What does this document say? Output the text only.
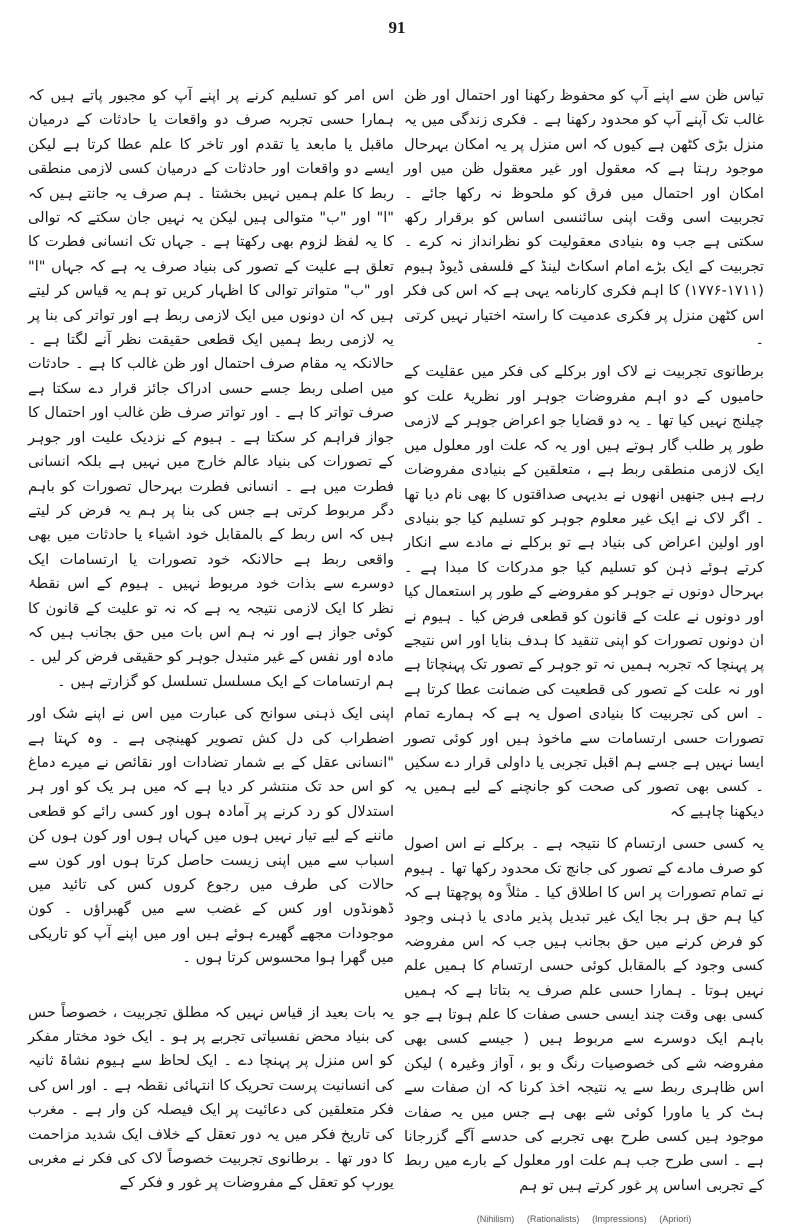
91

تیاس ظن سے اپنے آپ کو محفوظ رکھنا اور احتمال اور ظن غالب تک آپنے آپ کو محدود رکھنا ہے ۔ فکری زندگی میں یہ منزل بڑی کٹھن ہے کیوں کہ اس منزل پر یہ امکان بہرحال موجود رہتا ہے کہ معقول اور غیر معقول ظن میں اور امکان اور احتمال میں فرق کو ملحوظ نہ رکھا جائے ۔ تجربیت اسی وقت اپنی سائنسی اساس کو برقرار رکھ سکتی ہے جب وہ بنیادی معقولیت کو نظرانداز نہ کرے ۔ تجربیت کے ایک بڑے امام اسکاٹ لینڈ کے فلسفی ڈیوڈ ہیوم (۱۷۱۱-۱۷۷۶) کا اہم فکری کارنامہ یہی ہے کہ اس کی فکر اس کٹھن منزل پر فکری عدمیت کا راستہ اختیار نہیں کرتی ۔

برطانوی تجربیت نے لاک اور برکلے کی فکر میں عقلیت کے حامیوں کے دو اہم مفروضات جوہر اور نظریۂ علت کو چیلنج نہیں کیا تھا ۔ یہ دو قضایا جو اعراض جوہر کے لازمی طور پر طلب گار ہوتے ہیں اور یہ کہ علت اور معلول میں ایک لازمی منطقی ربط ہے ، متعلقین کے بنیادی مفروضات رہے ہیں جنھیں انھوں نے بدیہی صداقتوں کا بھی نام دیا تھا ۔ اگر لاک نے ایک غیر معلوم جوہر کو تسلیم کیا جو بنیادی اور اولین اعراض کی بنیاد ہے تو برکلے نے مادے سے انکار کرتے ہوئے ذہن کو تسلیم کیا جو مدرکات کا مبدا ہے ۔ بہرحال دونوں نے جوہر کو مفروضے کے طور پر استعمال کیا اور دونوں نے علت کے قانون کو قطعی فرض کیا ۔ ہیوم نے ان دونوں تصورات کو اپنی تنقید کا ہدف بنایا اور اس نتیجے پر پہنچا کہ تجربہ ہمیں نہ تو جوہر کے تصور تک پہنچاتا ہے اور نہ علت کے تصور کی قطعیت کی ضمانت عطا کرتا ہے ۔ اس کی تجربیت کا بنیادی اصول یہ ہے کہ ہمارے تمام تصورات حسی ارتسامات سے ماخوذ ہیں اور کوئی تصور ایسا نہیں ہے جسے ہم اقبل تجربی یا داولی قرار دے سکیں ۔ کسی بھی تصور کی صحت کو جانچنے کے لیے ہمیں یہ دیکھنا چاہیے کہ

یہ کسی حسی ارتسام کا نتیجہ ہے ۔ برکلے نے اس اصول کو صرف مادے کے تصور کی جانچ تک محدود رکھا تھا ۔ ہیوم نے تمام تصورات پر اس کا اطلاق کیا ۔ مثلاً وہ پوچھتا ہے کہ کیا ہم حق ہر بجا ایک غیر تبدیل پذیر مادی یا ذہنی وجود کو فرض کرنے میں حق بجانب ہیں جب کہ اس مفروضہ کسی وجود کے بالمقابل کوئی حسی ارتسام کا ہمیں علم نہیں ہوتا ۔ ہمارا حسی علم صرف یہ بتاتا ہے کہ ہمیں کسی بھی وقت چند ایسی حسی صفات کا علم ہوتا ہے جو باہم ایک دوسرے سے مربوط ہیں ( جیسے کسی بھی مفروضہ شے کی خصوصیات رنگ و بو ، آواز وغیرہ ) لیکن اس ظاہری ربط سے یہ نتیجہ اخذ کرنا کہ ان صفات سے ہٹ کر یا ماورا کوئی شے بھی ہے جس میں یہ صفات موجود ہیں کسی طرح بھی تجربے کی حدسے آگے گزرجانا ہے ۔ اسی طرح جب ہم علت اور معلول کے بارے میں ربط کے تجربی اساس پر غور کرتے ہیں تو ہم

(Nihilism) (Rationalists) (Impressions) (Apriori)

اس امر کو تسلیم کرنے پر اپنے آپ کو مجبور پاتے ہیں کہ ہمارا حسی تجربہ صرف دو واقعات یا حادثات کے درمیان ماقبل یا مابعد یا تقدم اور تاخر کا علم عطا کرتا ہے لیکن ایسے دو واقعات اور حادثات کے درمیان کسی لازمی منطقی ربط کا علم ہمیں نہیں بخشتا ۔ ہم صرف یہ جانتے ہیں کہ "ا" اور "ب" متوالی ہیں لیکن یہ نہیں جان سکتے کہ توالی کا یہ لفظ لزوم بھی رکھتا ہے ۔ جہاں تک انسانی فطرت کا تعلق ہے علیت کے تصور کی بنیاد صرف یہ ہے کہ جہاں "ا" اور "ب" متواتر توالی کا اظہار کریں تو ہم یہ قیاس کر لیتے ہیں کہ ان دونوں میں ایک لازمی ربط ہے اور تواتر کی بنا پر یہ لازمی ربط ہمیں ایک قطعی حقیقت نظر آنے لگتا ہے ۔ حالانکہ یہ مقام صرف احتمال اور ظن غالب کا ہے ۔ حادثات میں اصلی ربط جسے حسی ادراک جائز قرار دے سکتا ہے صرف تواتر کا ہے ۔ اور تواتر صرف ظن غالب اور احتمال کا جواز فراہم کر سکتا ہے ۔ ہیوم کے نزدیک علیت اور جوہر کے تصورات کی بنیاد عالم خارج میں نہیں ہے بلکہ انسانی فطرت میں ہے ۔ انسانی فطرت بہرحال تصورات کو باہم دگر مربوط کرتی ہے جس کی بنا پر ہم یہ فرض کر لیتے ہیں کہ اس ربط کے بالمقابل خود اشیاء یا حادثات میں بھی واقعی ربط ہے حالانکہ خود تصورات یا ارتسامات ایک دوسرے سے بذات خود مربوط نہیں ۔ ہیوم کے اس نقطۂ نظر کا ایک لازمی نتیجہ یہ ہے کہ نہ تو علیت کے قانون کا کوئی جواز ہے اور نہ ہم اس بات میں حق بجانب ہیں کہ مادہ اور نفس کے غیر متبدل جوہر کو حقیقی فرض کر لیں ۔ ہم ارتسامات کے ایک مسلسل تسلسل کو گزارتے ہیں ۔

اپنی ایک ذہنی سوانح کی عبارت میں اس نے اپنے شک اور اضطراب کی دل کش تصویر کھینچی ہے ۔ وہ کہتا ہے "انسانی عقل کے بے شمار تضادات اور نقائص نے میرے دماغ کو اس حد تک منتشر کر دیا ہے کہ میں ہر یک کو اور ہر استدلال کو رد کرنے پر آمادہ ہوں اور کسی رائے کو قطعی ماننے کے لیے تیار نہیں ہوں میں کہاں ہوں اور کون ہوں کن اسباب سے میں اپنی زیست حاصل کرتا ہوں اور کون سے حالات کی طرف میں رجوع کروں کس کی تائید میں ڈھونڈوں اور کس کے غضب سے میں گھبراؤں ۔ کون موجودات مجھے گھیرے ہوئے ہیں اور میں اپنے آپ کو تاریکی میں گھرا ہوا محسوس کرتا ہوں ۔

یہ بات بعید از قیاس نہیں کہ مطلق تجربیت ، خصوصاً حس کی بنیاد محض نفسیاتی تجربے پر ہو ۔ ایک خود مختار مفکر کو اس منزل پر پہنچا دے ۔ ایک لحاظ سے ہیوم نشاۃ ثانیہ کی انسانیت پرست تحریک کا انتہائی نقطہ ہے ۔ اور اس کی فکر متعلقین کی دعائیت پر ایک فیصلہ کن وار ہے ۔ مغرب کی تاریخ فکر میں یہ دور تعقل کے خلاف ایک شدید مزاحمت کا دور تھا ۔ برطانوی تجربیت خصوصاً لاک کی فکر نے مغربی یورپ کو تعقل کے مفروضات پر غور و فکر کے
